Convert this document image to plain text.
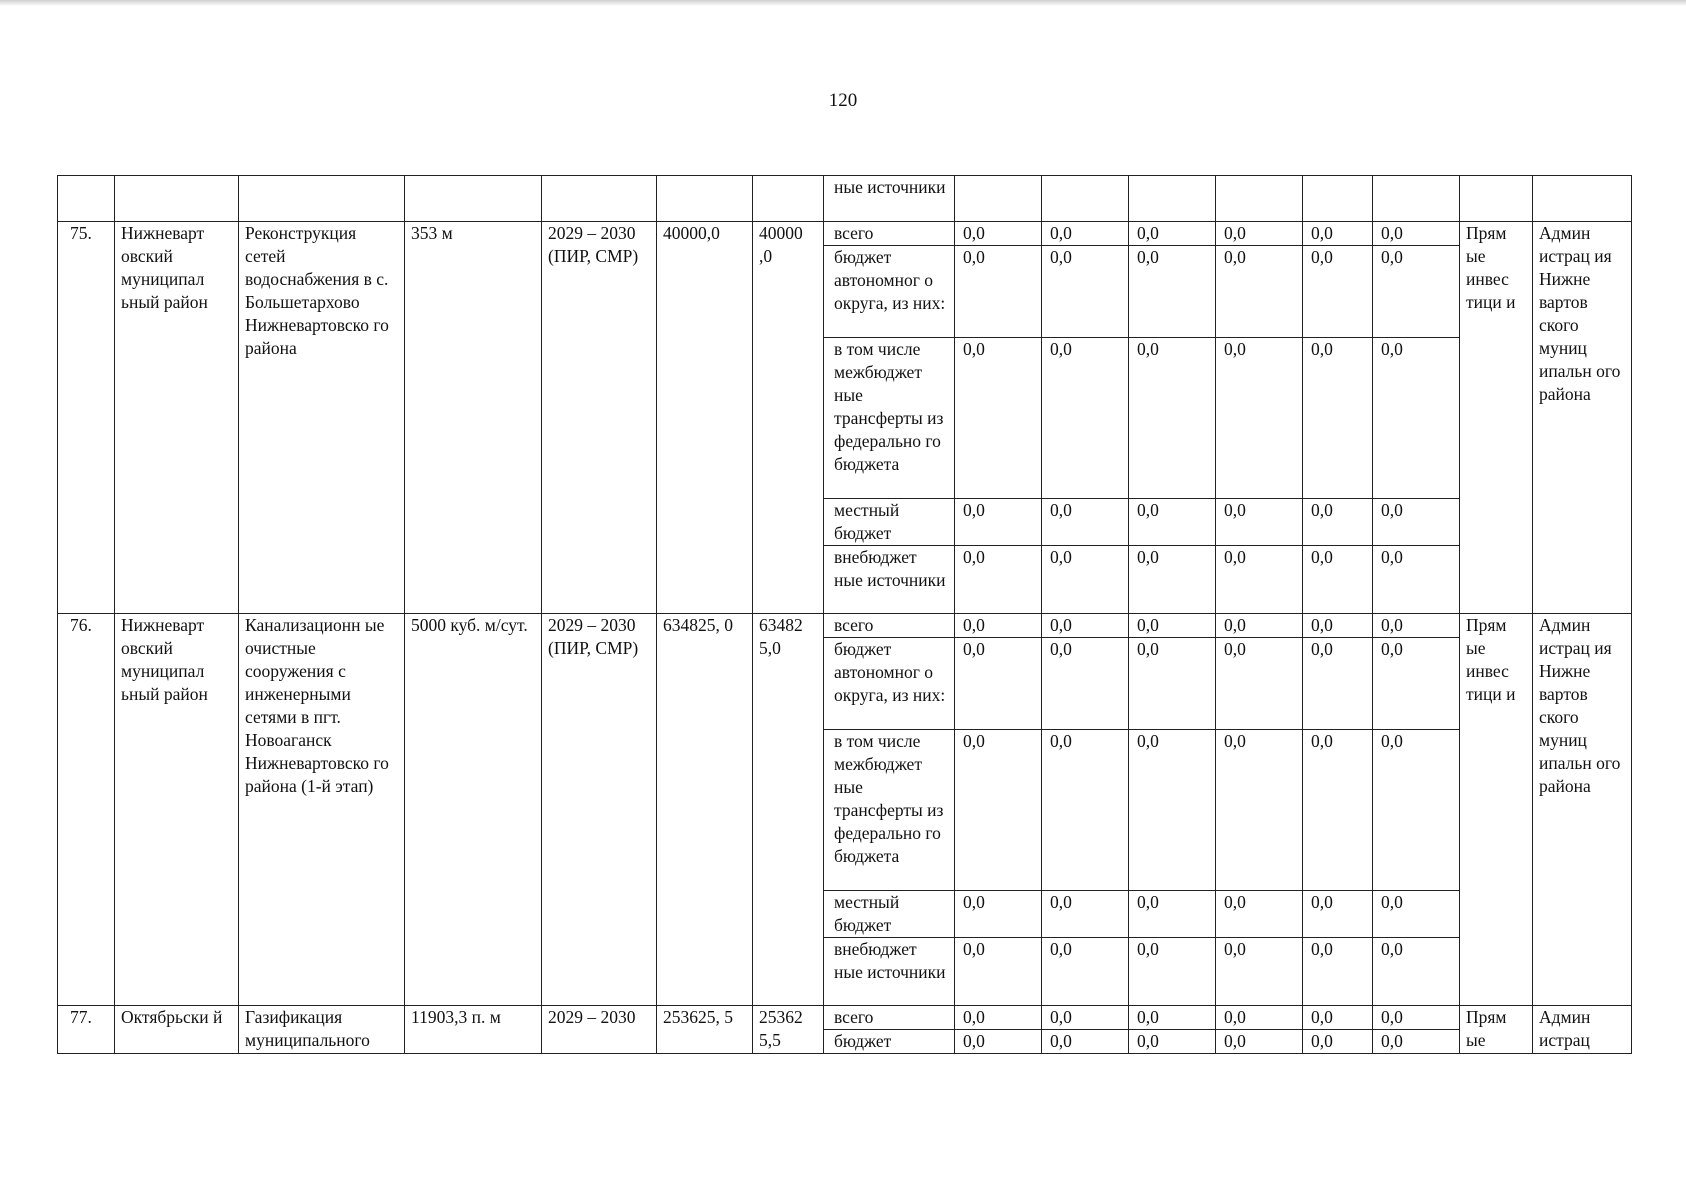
120
							ные источники								
75.	Нижневарт овский муниципал ьный район	Реконструкция сетей водоснабжения в с. Большетархово Нижневартовско го района	353 м	2029 – 2030 (ПИР, СМР)	40000,0	40000 ,0	всего	0,0	0,0	0,0	0,0	0,0	0,0	Прям ые инвес тици и	Админ истрац ия Нижне вартов ского муниц ипальн ого района
							бюджет автономног о округа, из них:	0,0	0,0	0,0	0,0	0,0	0,0		
							в том числе межбюджет ные трансферты из федерально го бюджета	0,0	0,0	0,0	0,0	0,0	0,0		
							местный бюджет	0,0	0,0	0,0	0,0	0,0	0,0		
							внебюджет ные источники	0,0	0,0	0,0	0,0	0,0	0,0		
76.	Нижневарт овский муниципал ьный район	Канализационн ые очистные сооружения с инженерными сетями в пгт. Новоаганск Нижневартовско го района (1-й этап)	5000 куб. м/сут.	2029 – 2030 (ПИР, СМР)	634825, 0	63482 5,0	всего	0,0	0,0	0,0	0,0	0,0	0,0	Прям ые инвес тици и	Админ истрац ия Нижне вартов ского муниц ипальн ого района
							бюджет автономног о округа, из них:	0,0	0,0	0,0	0,0	0,0	0,0		
							в том числе межбюджет ные трансферты из федерально го бюджета	0,0	0,0	0,0	0,0	0,0	0,0		
							местный бюджет	0,0	0,0	0,0	0,0	0,0	0,0		
							внебюджет ные источники	0,0	0,0	0,0	0,0	0,0	0,0		
77.	Октябрьски й	Газификация муниципального	11903,3 п. м	2029 – 2030	253625, 5	25362 5,5	всего	0,0	0,0	0,0	0,0	0,0	0,0	Прям ые	Админ истрац
							бюджет	0,0	0,0	0,0	0,0	0,0	0,0		
